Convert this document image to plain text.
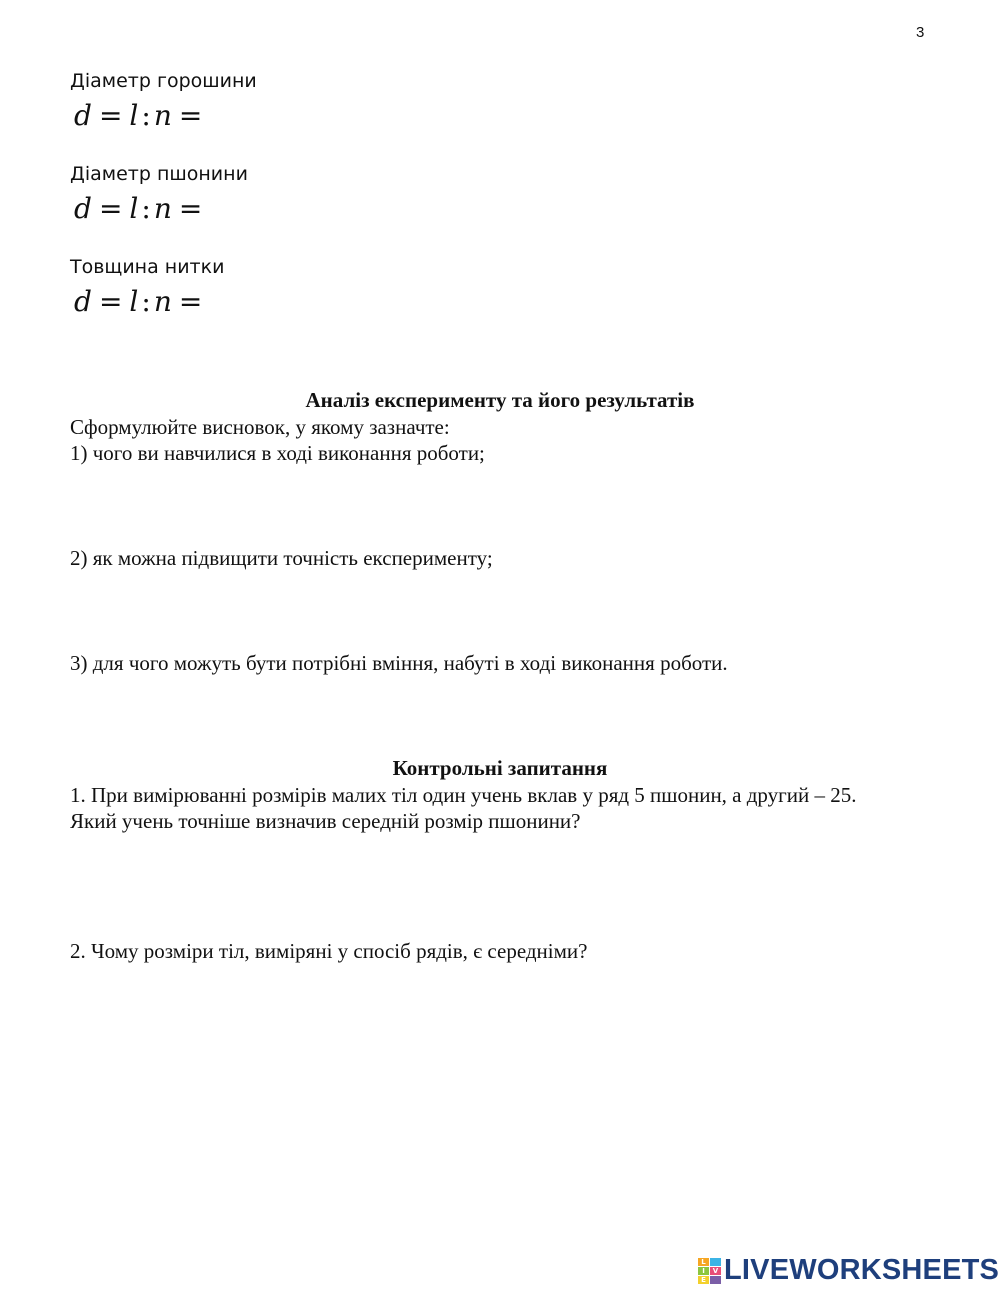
3
Діаметр горошини
d = l:n =
Діаметр пшонини
d = l:n =
Товщина нитки
d = l:n =
Аналіз експерименту та його результатів
Сформулюйте висновок, у якому зазначте:
1) чого ви навчилися в ході виконання роботи;
2) як можна підвищити точність експерименту;
3) для чого можуть бути потрібні вміння, набуті в ході виконання роботи.
Контрольні запитання
1. При вимірюванні розмірів малих тіл один учень вклав у ряд 5 пшонин, а другий – 25.
Який учень точніше визначив середній розмір пшонини?
2. Чому розміри тіл, виміряні у спосіб рядів, є середніми?
L
I	V
E LIVEWORKSHEETS
